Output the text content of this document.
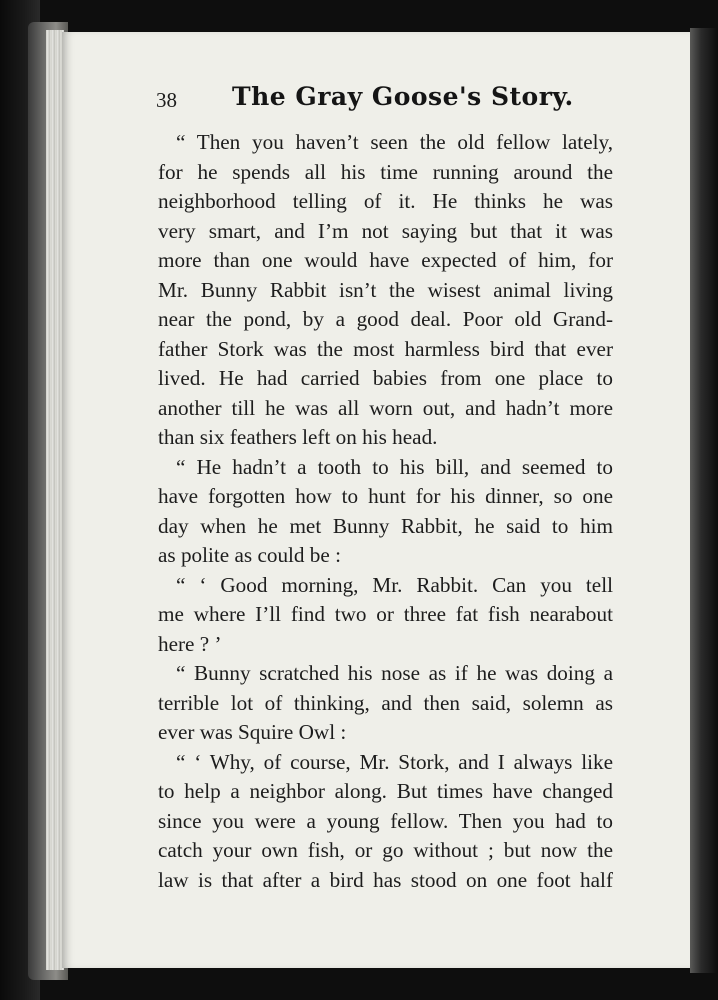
38 The Gray Goose's Story.
“ Then you haven’t seen the old fellow lately,
for he spends all his time running around the
neighborhood telling of it. He thinks he was
very smart, and I’m not saying but that it was
more than one would have expected of him, for
Mr. Bunny Rabbit isn’t the wisest animal living
near the pond, by a good deal. Poor old Grand-
father Stork was the most harmless bird that ever
lived. He had carried babies from one place to
another till he was all worn out, and hadn’t more
than six feathers left on his head.
“ He hadn’t a tooth to his bill, and seemed to
have forgotten how to hunt for his dinner, so one
day when he met Bunny Rabbit, he said to him
as polite as could be :
“ ‘ Good morning, Mr. Rabbit. Can you tell
me where I’ll find two or three fat fish nearabout
here ? ’
“ Bunny scratched his nose as if he was doing a
terrible lot of thinking, and then said, solemn as
ever was Squire Owl :
“ ‘ Why, of course, Mr. Stork, and I always like
to help a neighbor along. But times have changed
since you were a young fellow. Then you had to
catch your own fish, or go without ; but now the
law is that after a bird has stood on one foot half
